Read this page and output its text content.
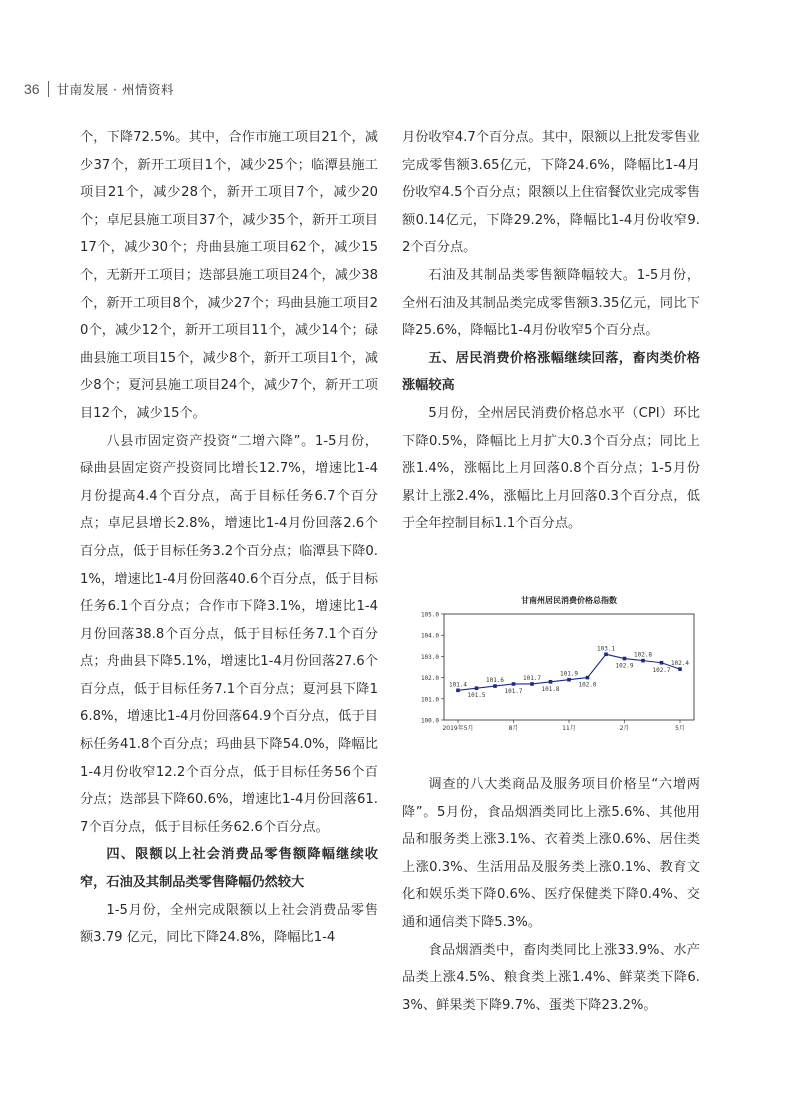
36 甘南发展 · 州情资料

个，下降72.5%。其中，合作市施工项目21个，减少37个，新开工项目1个，减少25个；临潭县施工项目21个，减少28个，新开工项目7个，减少20个；卓尼县施工项目37个，减少35个，新开工项目17个，减少30个；舟曲县施工项目62个，减少15个，无新开工项目；迭部县施工项目24个，减少38个，新开工项目8个，减少27个；玛曲县施工项目20个，减少12个，新开工项目11个，减少14个；碌曲县施工项目15个，减少8个，新开工项目1个，减少8个；夏河县施工项目24个，减少7个，新开工项目12个，减少15个。

八县市固定资产投资“二增六降”。1-5月份，碌曲县固定资产投资同比增长12.7%，增速比1-4月份提高4.4个百分点，高于目标任务6.7个百分点；卓尼县增长2.8%，增速比1-4月份回落2.6个百分点，低于目标任务3.2个百分点；临潭县下降0.1%，增速比1-4月份回落40.6个百分点，低于目标任务6.1个百分点；合作市下降3.1%，增速比1-4月份回落38.8个百分点，低于目标任务7.1个百分点；舟曲县下降5.1%，增速比1-4月份回落27.6个百分点，低于目标任务7.1个百分点；夏河县下降16.8%，增速比1-4月份回落64.9个百分点，低于目标任务41.8个百分点；玛曲县下降54.0%，降幅比1-4月份收窄12.2个百分点，低于目标任务56个百分点；迭部县下降60.6%，增速比1-4月份回落61.7个百分点，低于目标任务62.6个百分点。

四、限额以上社会消费品零售额降幅继续收窄，石油及其制品类零售降幅仍然较大

1-5月份，全州完成限额以上社会消费品零售额3.79 亿元，同比下降24.8%，降幅比1-4

月份收窄4.7个百分点。其中，限额以上批发零售业完成零售额3.65亿元，下降24.6%，降幅比1-4月份收窄4.5个百分点；限额以上住宿餐饮业完成零售额0.14亿元，下降29.2%，降幅比1-4月份收窄9.2个百分点。

石油及其制品类零售额降幅较大。1-5月份，全州石油及其制品类完成零售额3.35亿元，同比下降25.6%，降幅比1-4月份收窄5个百分点。

五、居民消费价格涨幅继续回落，畜肉类价格涨幅较高

5月份，全州居民消费价格总水平（CPI）环比下降0.5%，降幅比上月扩大0.3个百分点；同比上涨1.4%，涨幅比上月回落0.8个百分点；1-5月份累计上涨2.4%，涨幅比上月回落0.3个百分点，低于全年控制目标1.1个百分点。

甘南州居民消费价格总指数
100.0
101.0
102.0
103.0
104.0
105.0
2019年5月	8月	11月	2月	5月
101.4
101.5
101.6
101.7
101.7
101.8
101.9
102.0
103.1
102.9
102.8
102.7
102.4

调查的八大类商品及服务项目价格呈“六增两降”。5月份，食品烟酒类同比上涨5.6%、其他用品和服务类上涨3.1%、衣着类上涨0.6%、居住类上涨0.3%、生活用品及服务类上涨0.1%、教育文化和娱乐类下降0.6%、医疗保健类下降0.4%、交通和通信类下降5.3%。

食品烟酒类中，畜肉类同比上涨33.9%、水产品类上涨4.5%、粮食类上涨1.4%、鲜菜类下降6.3%、鲜果类下降9.7%、蛋类下降23.2%。
